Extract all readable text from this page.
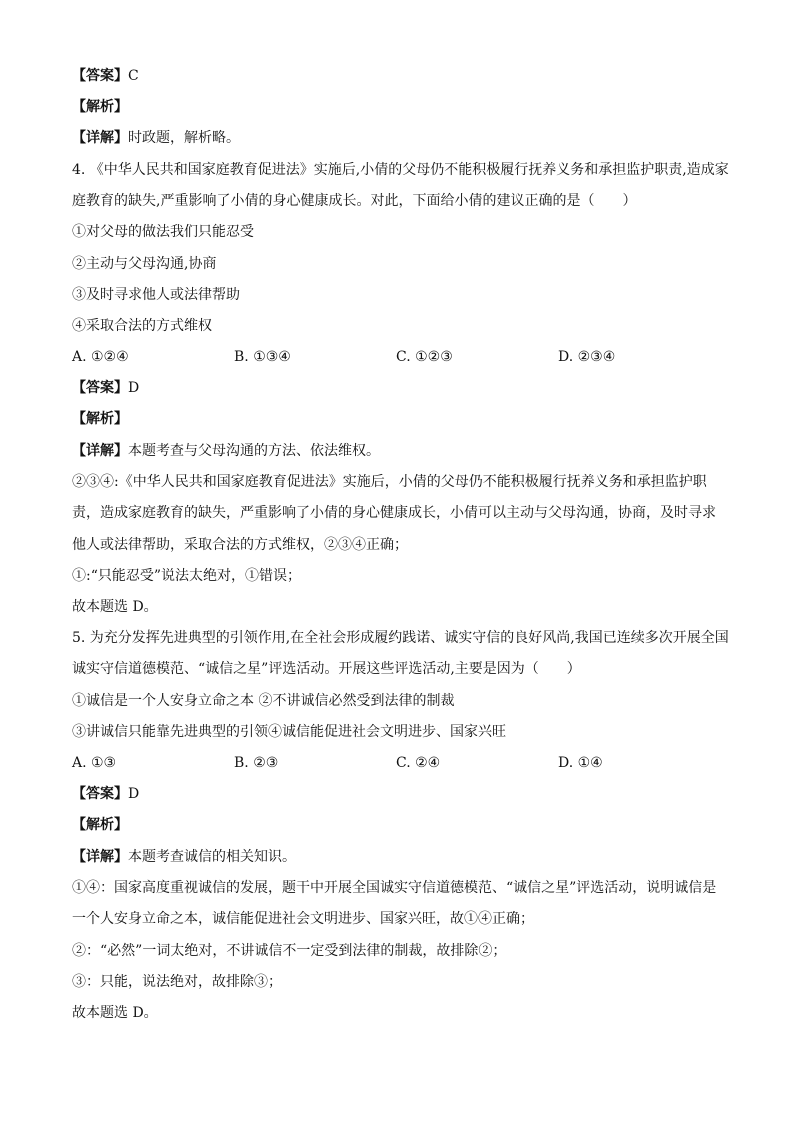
【答案】C
【解析】
【详解】时政题，解析略。
4. 《中华人民共和国家庭教育促进法》实施后,小倩的父母仍不能积极履行抚养义务和承担监护职责,造成家
庭教育的缺失,严重影响了小倩的身心健康成长。对此，下面给小倩的建议正确的是（　　）
①对父母的做法我们只能忍受
②主动与父母沟通,协商
③及时寻求他人或法律帮助
④采取合法的方式维权
A. ①②④	B. ①③④	C. ①②③	D. ②③④
【答案】D
【解析】
【详解】本题考查与父母沟通的方法、依法维权。
②③④:《中华人民共和国家庭教育促进法》实施后，小倩的父母仍不能积极履行抚养义务和承担监护职
责，造成家庭教育的缺失，严重影响了小倩的身心健康成长，小倩可以主动与父母沟通，协商，及时寻求
他人或法律帮助，采取合法的方式维权，②③④正确；
①:“只能忍受”说法太绝对，①错误；
故本题选 D。
5. 为充分发挥先进典型的引领作用,在全社会形成履约践诺、诚实守信的良好风尚,我国已连续多次开展全国
诚实守信道德模范、“诚信之星”评选活动。开展这些评选活动,主要是因为（　　）
①诚信是一个人安身立命之本 ②不讲诚信必然受到法律的制裁
③讲诚信只能靠先进典型的引领④诚信能促进社会文明进步、国家兴旺
A. ①③	B. ②③	C. ②④	D. ①④
【答案】D
【解析】
【详解】本题考查诚信的相关知识。
①④：国家高度重视诚信的发展，题干中开展全国诚实守信道德模范、“诚信之星”评选活动，说明诚信是
一个人安身立命之本，诚信能促进社会文明进步、国家兴旺，故①④正确；
②：“必然”一词太绝对，不讲诚信不一定受到法律的制裁，故排除②；
③：只能，说法绝对，故排除③；
故本题选 D。
